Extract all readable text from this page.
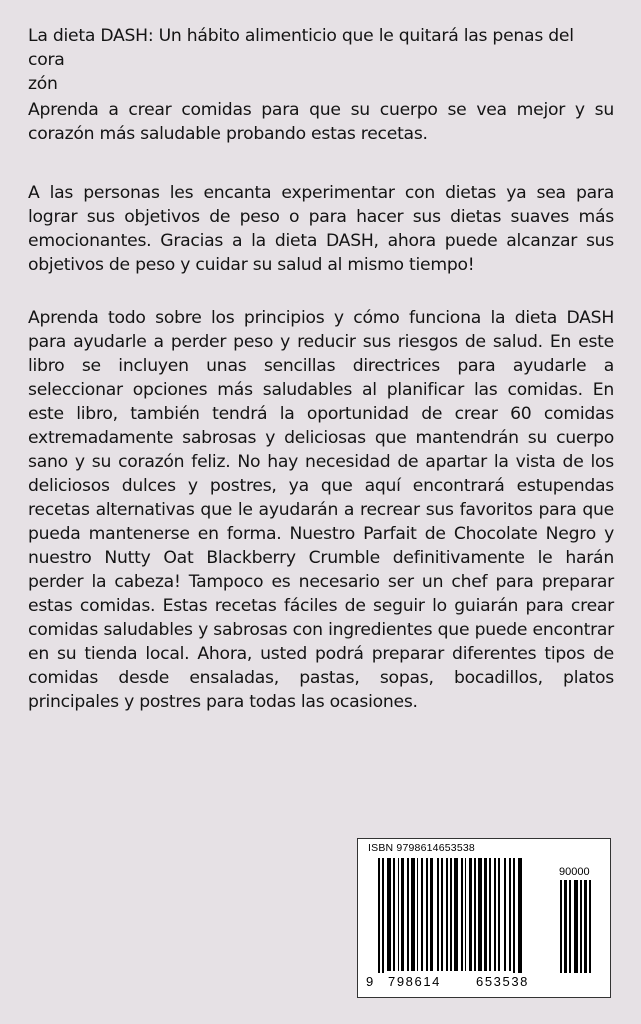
La dieta DASH: Un hábito alimenticio que le quitará las penas del cora
zón

Aprenda a crear comidas para que su cuerpo se vea mejor y su corazón más saludable probando estas recetas.

A las personas les encanta experimentar con dietas ya sea para lograr sus objetivos de peso o para hacer sus dietas suaves más emocionantes. Gracias a la dieta DASH, ahora puede alcanzar sus objetivos de peso y cuidar su salud al mismo tiempo!

Aprenda todo sobre los principios y cómo funciona la dieta DASH para ayudarle a perder peso y reducir sus riesgos de salud. En este libro se incluyen unas sencillas directrices para ayudarle a seleccionar opciones más saludables al planificar las comidas. En este libro, también tendrá la oportunidad de crear 60 comidas extremadamente sabrosas y deliciosas que mantendrán su cuerpo sano y su corazón feliz. No hay necesidad de apartar la vista de los deliciosos dulces y postres, ya que aquí encontrará estupendas recetas alternativas que le ayudarán a recrear sus favoritos para que pueda mantenerse en forma. Nuestro Parfait de Chocolate Negro y nuestro Nutty Oat Blackberry Crumble definitivamente le harán perder la cabeza! Tampoco es necesario ser un chef para preparar estas comidas. Estas recetas fáciles de seguir lo guiarán para crear comidas saludables y sabrosas con ingredientes que puede encontrar en su tienda local. Ahora, usted podrá preparar diferentes tipos de comidas desde ensaladas, pastas, sopas, bocadillos, platos principales y postres para todas las ocasiones.

ISBN 9798614653538
90000
9 798614	653538
